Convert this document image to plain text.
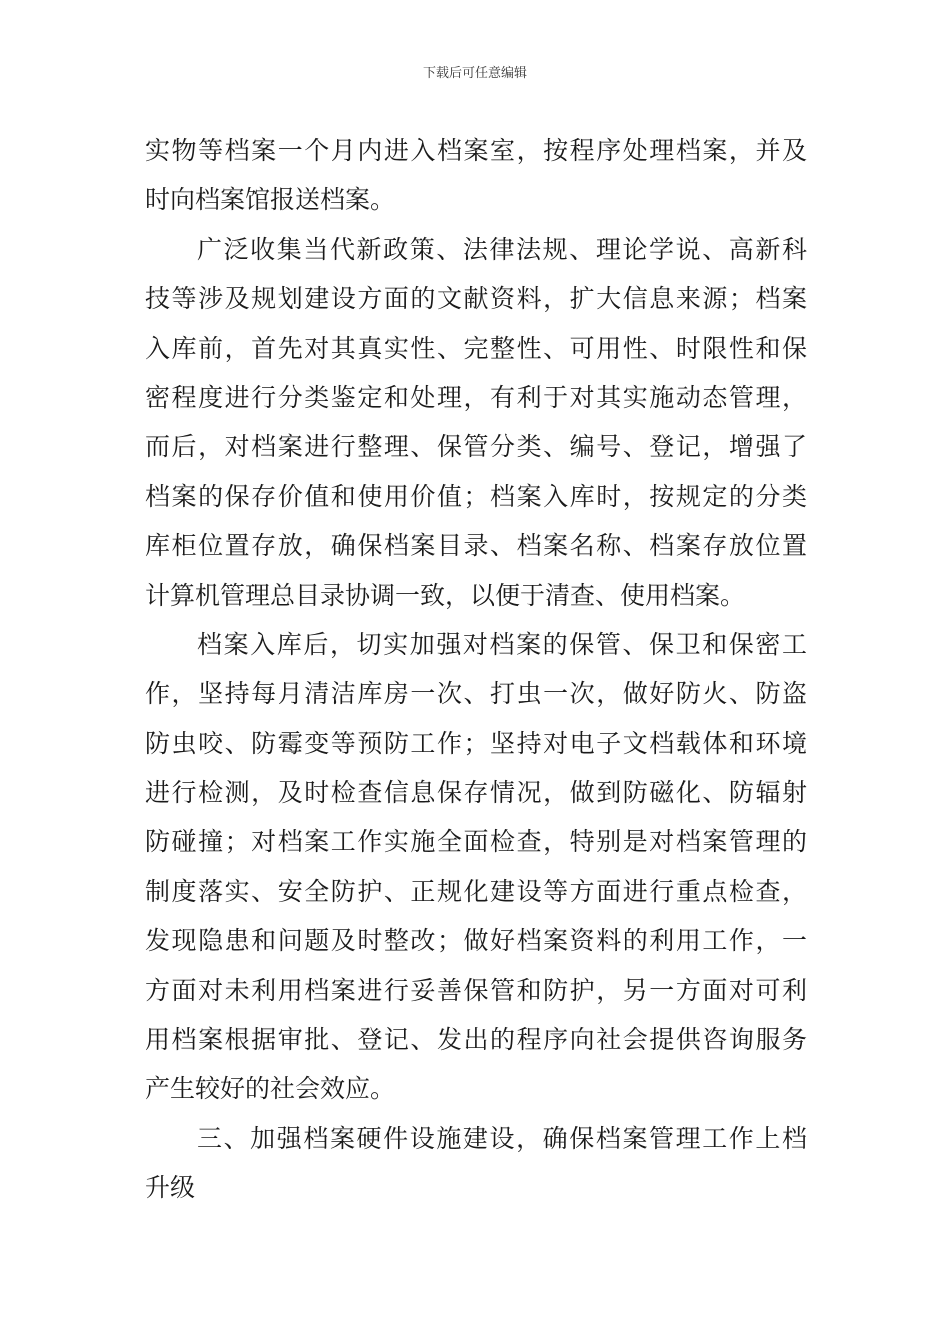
下载后可任意编辑
实物等档案一个月内进入档案室，按程序处理档案，并及
时向档案馆报送档案。
广泛收集当代新政策、法律法规、理论学说、高新科
技等涉及规划建设方面的文献资料，扩大信息来源；档案
入库前，首先对其真实性、完整性、可用性、时限性和保
密程度进行分类鉴定和处理，有利于对其实施动态管理，
而后，对档案进行整理、保管分类、编号、登记，增强了
档案的保存价值和使用价值；档案入库时，按规定的分类
库柜位置存放，确保档案目录、档案名称、档案存放位置
计算机管理总目录协调一致，以便于清查、使用档案。
档案入库后，切实加强对档案的保管、保卫和保密工
作，坚持每月清洁库房一次、打虫一次，做好防火、防盗
防虫咬、防霉变等预防工作；坚持对电子文档载体和环境
进行检测，及时检查信息保存情况，做到防磁化、防辐射
防碰撞；对档案工作实施全面检查，特别是对档案管理的
制度落实、安全防护、正规化建设等方面进行重点检查，
发现隐患和问题及时整改；做好档案资料的利用工作，一
方面对未利用档案进行妥善保管和防护，另一方面对可利
用档案根据审批、登记、发出的程序向社会提供咨询服务
产生较好的社会效应。
三、加强档案硬件设施建设，确保档案管理工作上档
升级
